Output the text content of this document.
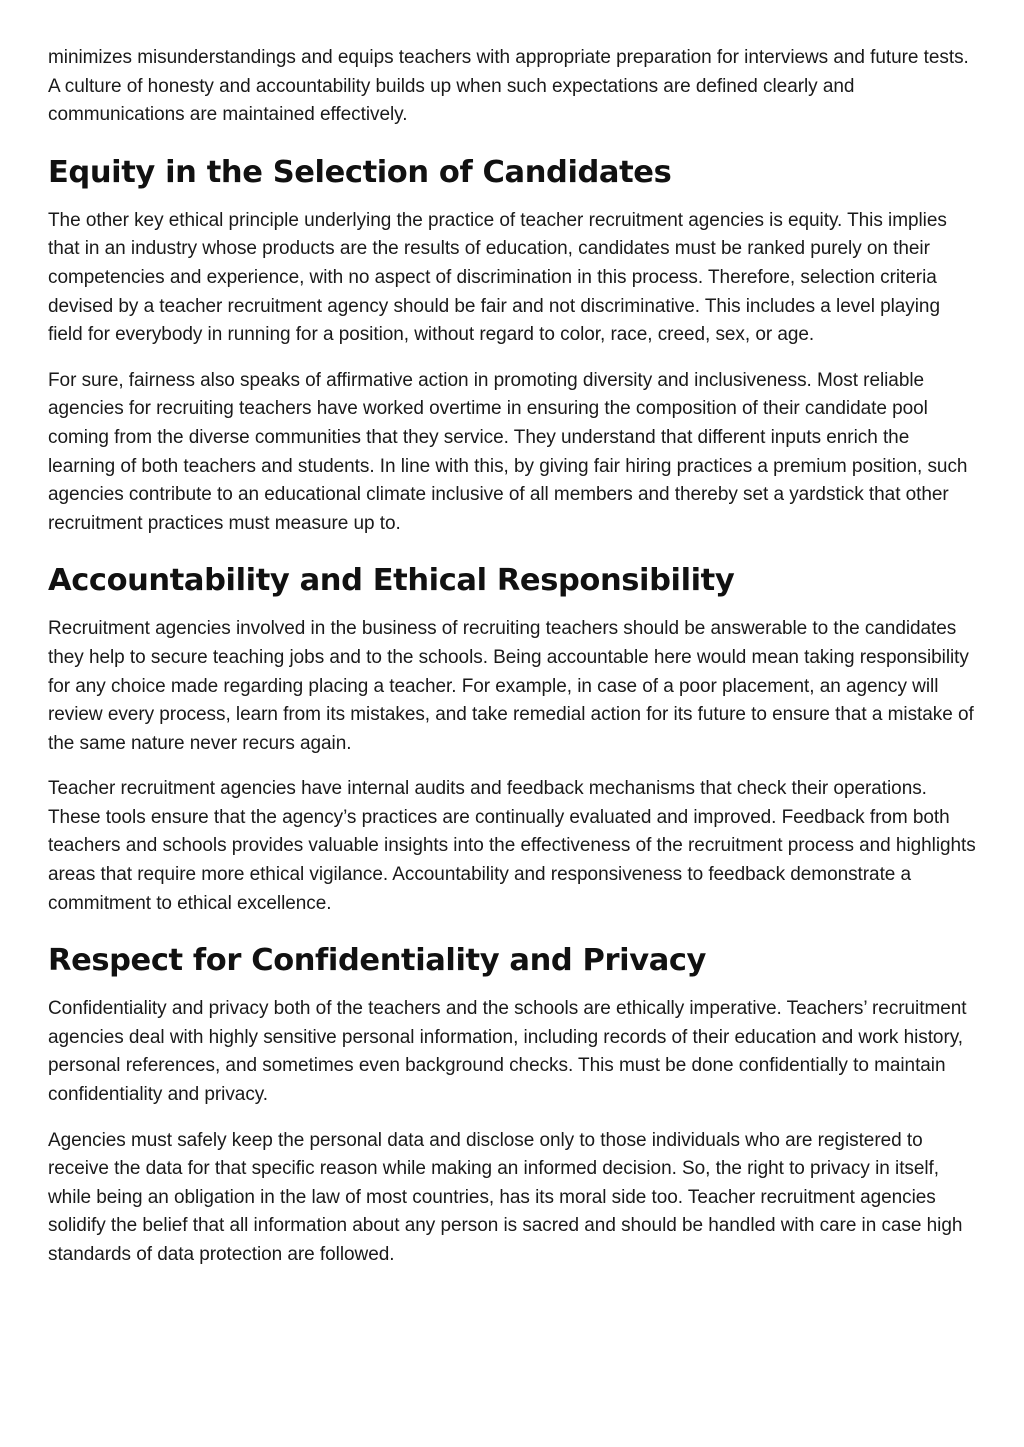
minimizes misunderstandings and equips teachers with appropriate preparation for interviews and future tests. A culture of honesty and accountability builds up when such expectations are defined clearly and communications are maintained effectively.

Equity in the Selection of Candidates

The other key ethical principle underlying the practice of teacher recruitment agencies is equity. This implies that in an industry whose products are the results of education, candidates must be ranked purely on their competencies and experience, with no aspect of discrimination in this process. Therefore, selection criteria devised by a teacher recruitment agency should be fair and not discriminative. This includes a level playing field for everybody in running for a position, without regard to color, race, creed, sex, or age.

For sure, fairness also speaks of affirmative action in promoting diversity and inclusiveness. Most reliable agencies for recruiting teachers have worked overtime in ensuring the composition of their candidate pool coming from the diverse communities that they service. They understand that different inputs enrich the learning of both teachers and students. In line with this, by giving fair hiring practices a premium position, such agencies contribute to an educational climate inclusive of all members and thereby set a yardstick that other recruitment practices must measure up to.

Accountability and Ethical Responsibility

Recruitment agencies involved in the business of recruiting teachers should be answerable to the candidates they help to secure teaching jobs and to the schools. Being accountable here would mean taking responsibility for any choice made regarding placing a teacher. For example, in case of a poor placement, an agency will review every process, learn from its mistakes, and take remedial action for its future to ensure that a mistake of the same nature never recurs again.

Teacher recruitment agencies have internal audits and feedback mechanisms that check their operations. These tools ensure that the agency’s practices are continually evaluated and improved. Feedback from both teachers and schools provides valuable insights into the effectiveness of the recruitment process and highlights areas that require more ethical vigilance. Accountability and responsiveness to feedback demonstrate a commitment to ethical excellence.

Respect for Confidentiality and Privacy

Confidentiality and privacy both of the teachers and the schools are ethically imperative. Teachers’ recruitment agencies deal with highly sensitive personal information, including records of their education and work history, personal references, and sometimes even background checks. This must be done confidentially to maintain confidentiality and privacy.

Agencies must safely keep the personal data and disclose only to those individuals who are registered to receive the data for that specific reason while making an informed decision. So, the right to privacy in itself, while being an obligation in the law of most countries, has its moral side too. Teacher recruitment agencies solidify the belief that all information about any person is sacred and should be handled with care in case high standards of data protection are followed.
